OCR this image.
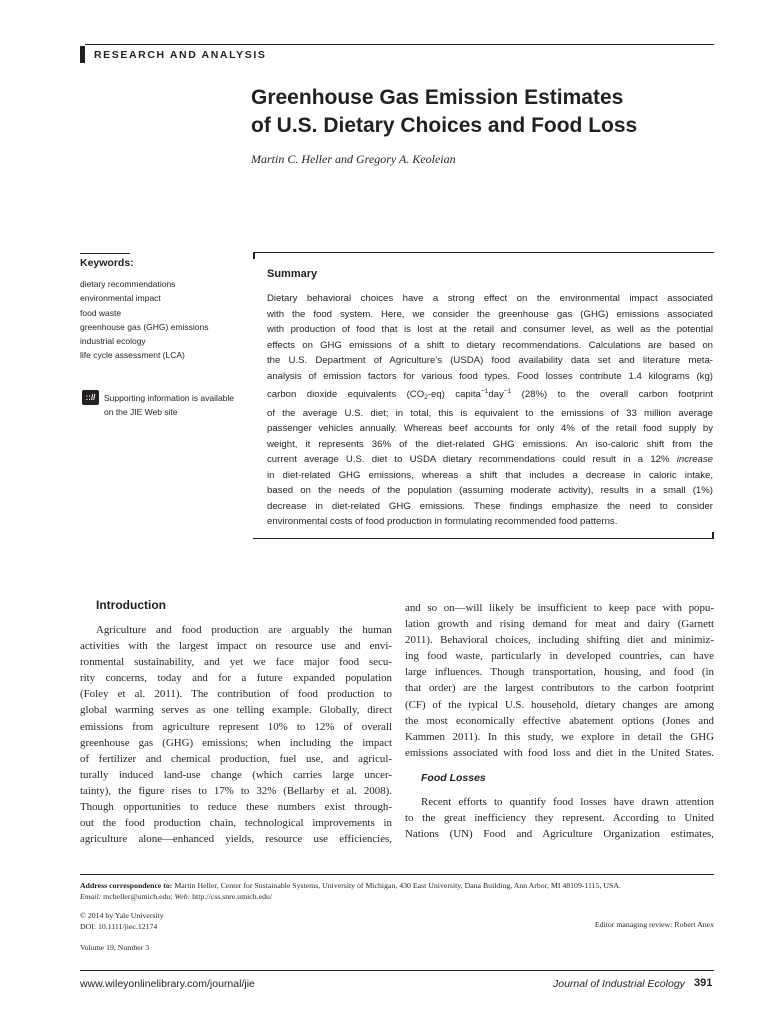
RESEARCH AND ANALYSIS
Greenhouse Gas Emission Estimates
of U.S. Dietary Choices and Food Loss
Martin C. Heller and Gregory A. Keoleian
Keywords:
dietary recommendations
environmental impact
food waste
greenhouse gas (GHG) emissions
industrial ecology
life cycle assessment (LCA)
:://	Supporting information is available
on the JIE Web site
Summary
Dietary behavioral choices have a strong effect on the environmental impact associated
with the food system. Here, we consider the greenhouse gas (GHG) emissions associated
with production of food that is lost at the retail and consumer level, as well as the potential
effects on GHG emissions of a shift to dietary recommendations. Calculations are based on
the U.S. Department of Agriculture’s (USDA) food availability data set and literature meta-
analysis of emission factors for various food types. Food losses contribute 1.4 kilograms (kg)
carbon dioxide equivalents $(CO_2-eq)$ capita$^{-1}$day$^{-1}$ (28%) to the overall carbon footprint
of the average U.S. diet; in total, this is equivalent to the emissions of 33 million average
passenger vehicles annually. Whereas beef accounts for only 4% of the retail food supply by
weight, it represents 36% of the diet-related GHG emissions. An iso-caloric shift from the
current average U.S. diet to USDA dietary recommendations could result in a 12% increase
in diet-related GHG emissions, whereas a shift that includes a decrease in caloric intake,
based on the needs of the population (assuming moderate activity), results in a small (1%)
decrease in diet-related GHG emissions. These findings emphasize the need to consider
environmental costs of food production in formulating recommended food patterns.
Introduction
Agriculture and food production are arguably the human
activities with the largest impact on resource use and envi-
ronmental sustainability, and yet we face major food secu-
rity concerns, today and for a future expanded population
(Foley et al. 2011). The contribution of food production to
global warming serves as one telling example. Globally, direct
emissions from agriculture represent 10% to 12% of overall
greenhouse gas (GHG) emissions; when including the impact
of fertilizer and chemical production, fuel use, and agricul-
turally induced land-use change (which carries large uncer-
tainty), the figure rises to 17% to 32% (Bellarby et al. 2008).
Though opportunities to reduce these numbers exist through-
out the food production chain, technological improvements in
agriculture alone—enhanced yields, resource use efficiencies,
and so on—will likely be insufficient to keep pace with popu-
lation growth and rising demand for meat and dairy (Garnett
2011). Behavioral choices, including shifting diet and minimiz-
ing food waste, particularly in developed countries, can have
large influences. Though transportation, housing, and food (in
that order) are the largest contributors to the carbon footprint
(CF) of the typical U.S. household, dietary changes are among
the most economically effective abatement options (Jones and
Kammen 2011). In this study, we explore in detail the GHG
emissions associated with food loss and diet in the United States.
Food Losses
Recent efforts to quantify food losses have drawn attention
to the great inefficiency they represent. According to United
Nations (UN) Food and Agriculture Organization estimates,
Address correspondence to: Martin Heller, Center for Sustainable Systems, University of Michigan, 430 East University, Dana Building, Ann Arbor, MI 48109-1115, USA.
Email: mcheller@umich.edu; Web: http://css.snre.umich.edu/
© 2014 by Yale University
DOI: 10.1111/jiec.12174	Editor managing review: Robert Anex
Volume 19, Number 3
www.wileyonlinelibrary.com/journal/jie	Journal of Industrial Ecology 391
